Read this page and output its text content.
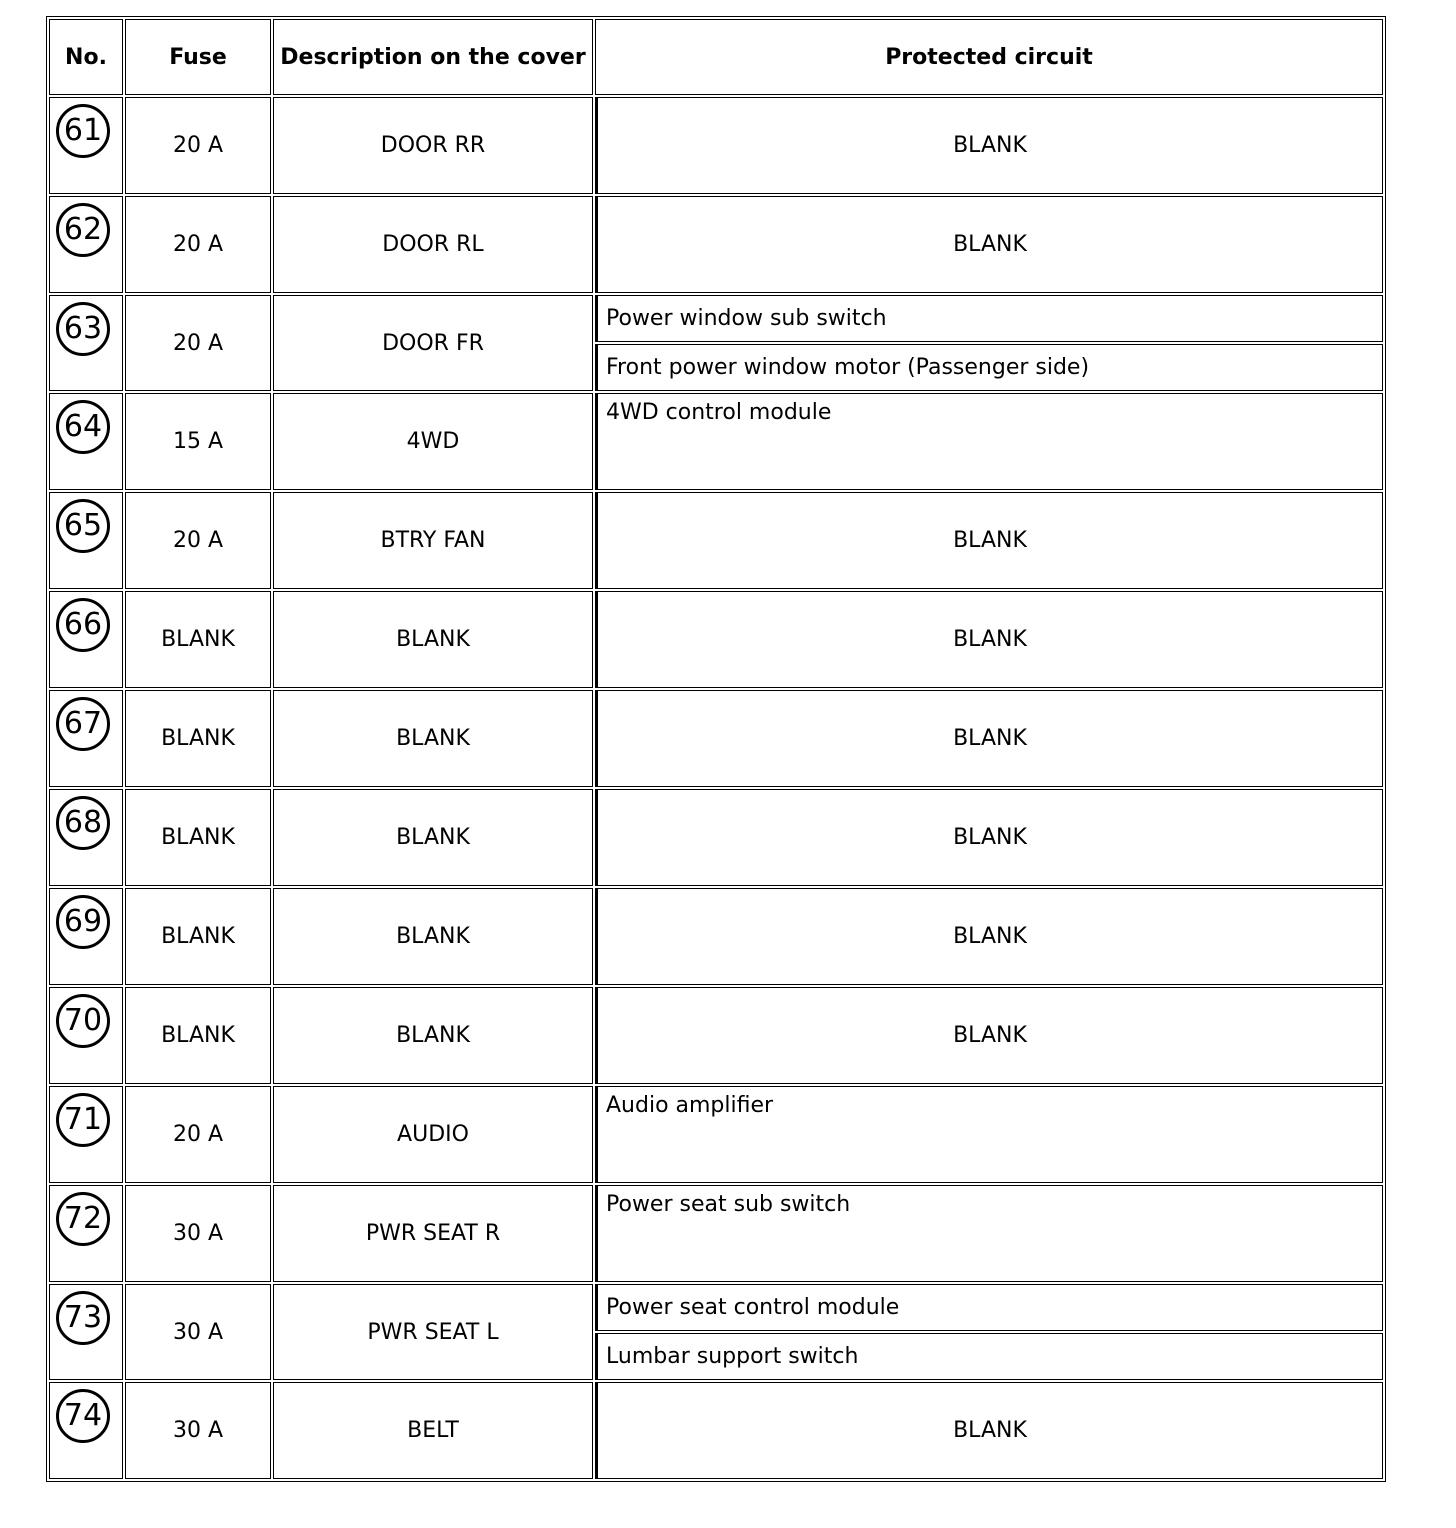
No.	Fuse	Description on the cover	Protected circuit
61	20 A	DOOR RR	BLANK

62	20 A	DOOR RL	BLANK

63	20 A	DOOR FR	Power window sub switch
			Front power window motor (Passenger side)
64	15 A	4WD	4WD control module

65	20 A	BTRY FAN	BLANK

66	BLANK	BLANK	BLANK

67	BLANK	BLANK	BLANK

68	BLANK	BLANK	BLANK

69	BLANK	BLANK	BLANK

70	BLANK	BLANK	BLANK

71	20 A	AUDIO	Audio amplifier

72	30 A	PWR SEAT R	Power seat sub switch

73	30 A	PWR SEAT L	Power seat control module
			Lumbar support switch
74	30 A	BELT	BLANK
